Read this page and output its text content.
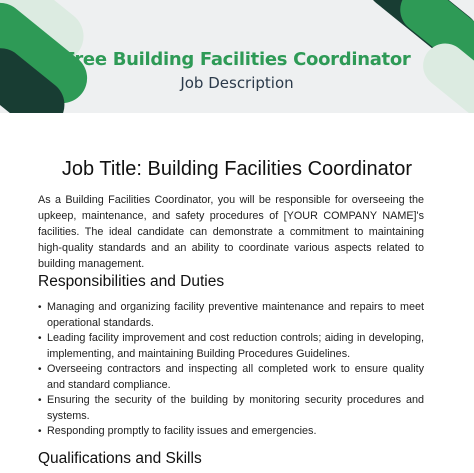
Free Building Facilities Coordinator

Job Description

Job Title: Building Facilities Coordinator

As a Building Facilities Coordinator, you will be responsible for overseeing the upkeep, maintenance, and safety procedures of [YOUR COMPANY NAME]'s facilities. The ideal candidate can demonstrate a commitment to maintaining high-quality standards and an ability to coordinate various aspects related to building management.

Responsibilities and Duties
• Managing and organizing facility preventive maintenance and repairs to meet operational standards.
• Leading facility improvement and cost reduction controls; aiding in developing, implementing, and maintaining Building Procedures Guidelines.
• Overseeing contractors and inspecting all completed work to ensure quality and standard compliance.
• Ensuring the security of the building by monitoring security procedures and systems.
• Responding promptly to facility issues and emergencies.
Qualifications and Skills
